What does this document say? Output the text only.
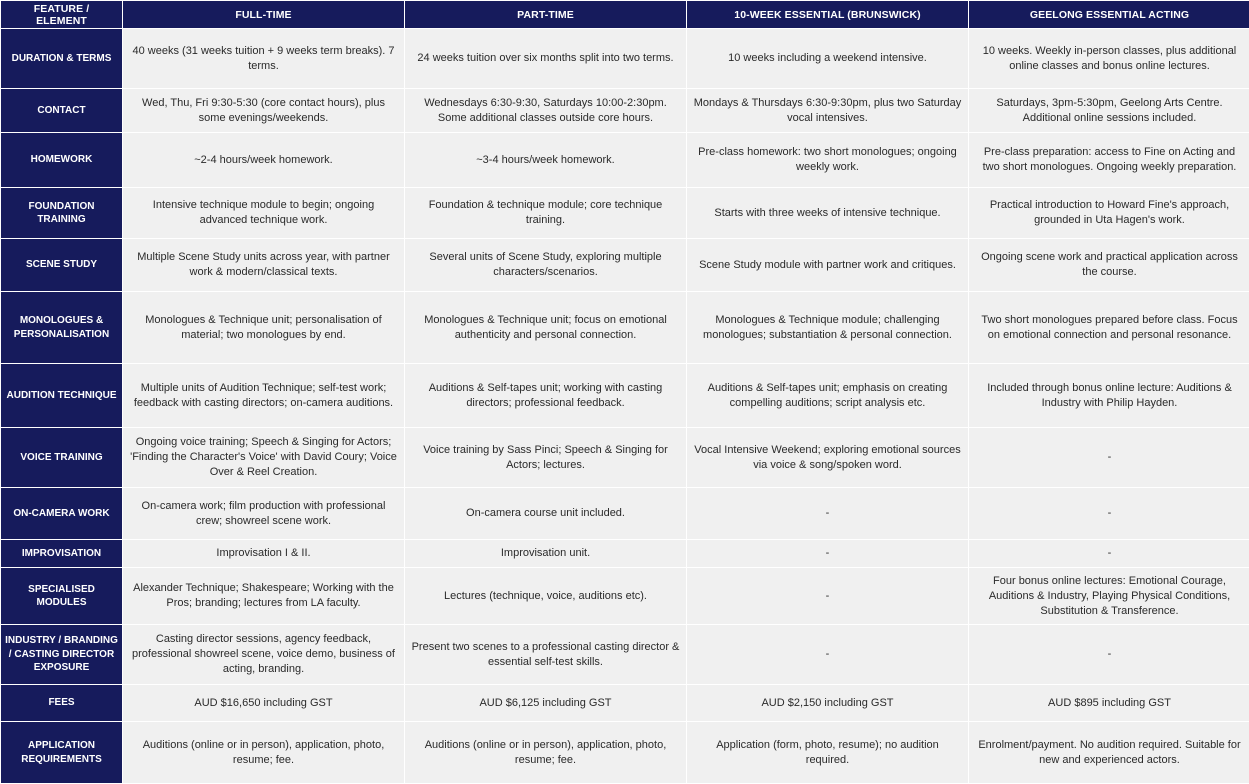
FEATURE / ELEMENT	FULL-TIME	PART-TIME	10-WEEK ESSENTIAL (BRUNSWICK)	GEELONG ESSENTIAL ACTING
DURATION & TERMS	40 weeks (31 weeks tuition + 9 weeks term breaks). 7 terms.	24 weeks tuition over six months split into two terms.	10 weeks including a weekend intensive.	10 weeks. Weekly in-person classes, plus additional online classes and bonus online lectures.
CONTACT	Wed, Thu, Fri 9:30-5:30 (core contact hours), plus some evenings/weekends.	Wednesdays 6:30-9:30, Saturdays 10:00-2:30pm. Some additional classes outside core hours.	Mondays & Thursdays 6:30-9:30pm, plus two Saturday vocal intensives.	Saturdays, 3pm-5:30pm, Geelong Arts Centre. Additional online sessions included.
HOMEWORK	~2-4 hours/week homework.	~3-4 hours/week homework.	Pre-class homework: two short monologues; ongoing weekly work.	Pre-class preparation: access to Fine on Acting and two short monologues. Ongoing weekly preparation.
FOUNDATION TRAINING	Intensive technique module to begin; ongoing advanced technique work.	Foundation & technique module; core technique training.	Starts with three weeks of intensive technique.	Practical introduction to Howard Fine's approach, grounded in Uta Hagen's work.
SCENE STUDY	Multiple Scene Study units across year, with partner work & modern/classical texts.	Several units of Scene Study, exploring multiple characters/scenarios.	Scene Study module with partner work and critiques.	Ongoing scene work and practical application across the course.
MONOLOGUES & PERSONALISATION	Monologues & Technique unit; personalisation of material; two monologues by end.	Monologues & Technique unit; focus on emotional authenticity and personal connection.	Monologues & Technique module; challenging monologues; substantiation & personal connection.	Two short monologues prepared before class. Focus on emotional connection and personal resonance.
AUDITION TECHNIQUE	Multiple units of Audition Technique; self-test work; feedback with casting directors; on-camera auditions.	Auditions & Self-tapes unit; working with casting directors; professional feedback.	Auditions & Self-tapes unit; emphasis on creating compelling auditions; script analysis etc.	Included through bonus online lecture: Auditions & Industry with Philip Hayden.
VOICE TRAINING	Ongoing voice training; Speech & Singing for Actors; 'Finding the Character's Voice' with David Coury; Voice Over & Reel Creation.	Voice training by Sass Pinci; Speech & Singing for Actors; lectures.	Vocal Intensive Weekend; exploring emotional sources via voice & song/spoken word.	-
ON-CAMERA WORK	On-camera work; film production with professional crew; showreel scene work.	On-camera course unit included.	-	-
IMPROVISATION	Improvisation I & II.	Improvisation unit.	-	-
SPECIALISED MODULES	Alexander Technique; Shakespeare; Working with the Pros; branding; lectures from LA faculty.	Lectures (technique, voice, auditions etc).	-	Four bonus online lectures: Emotional Courage, Auditions & Industry, Playing Physical Conditions, Substitution & Transference.
INDUSTRY / BRANDING / CASTING DIRECTOR EXPOSURE	Casting director sessions, agency feedback, professional showreel scene, voice demo, business of acting, branding.	Present two scenes to a professional casting director & essential self-test skills.	-	-
FEES	AUD $16,650 including GST	AUD $6,125 including GST	AUD $2,150 including GST	AUD $895 including GST
APPLICATION REQUIREMENTS	Auditions (online or in person), application, photo, resume; fee.	Auditions (online or in person), application, photo, resume; fee.	Application (form, photo, resume); no audition required.	Enrolment/payment. No audition required. Suitable for new and experienced actors.
